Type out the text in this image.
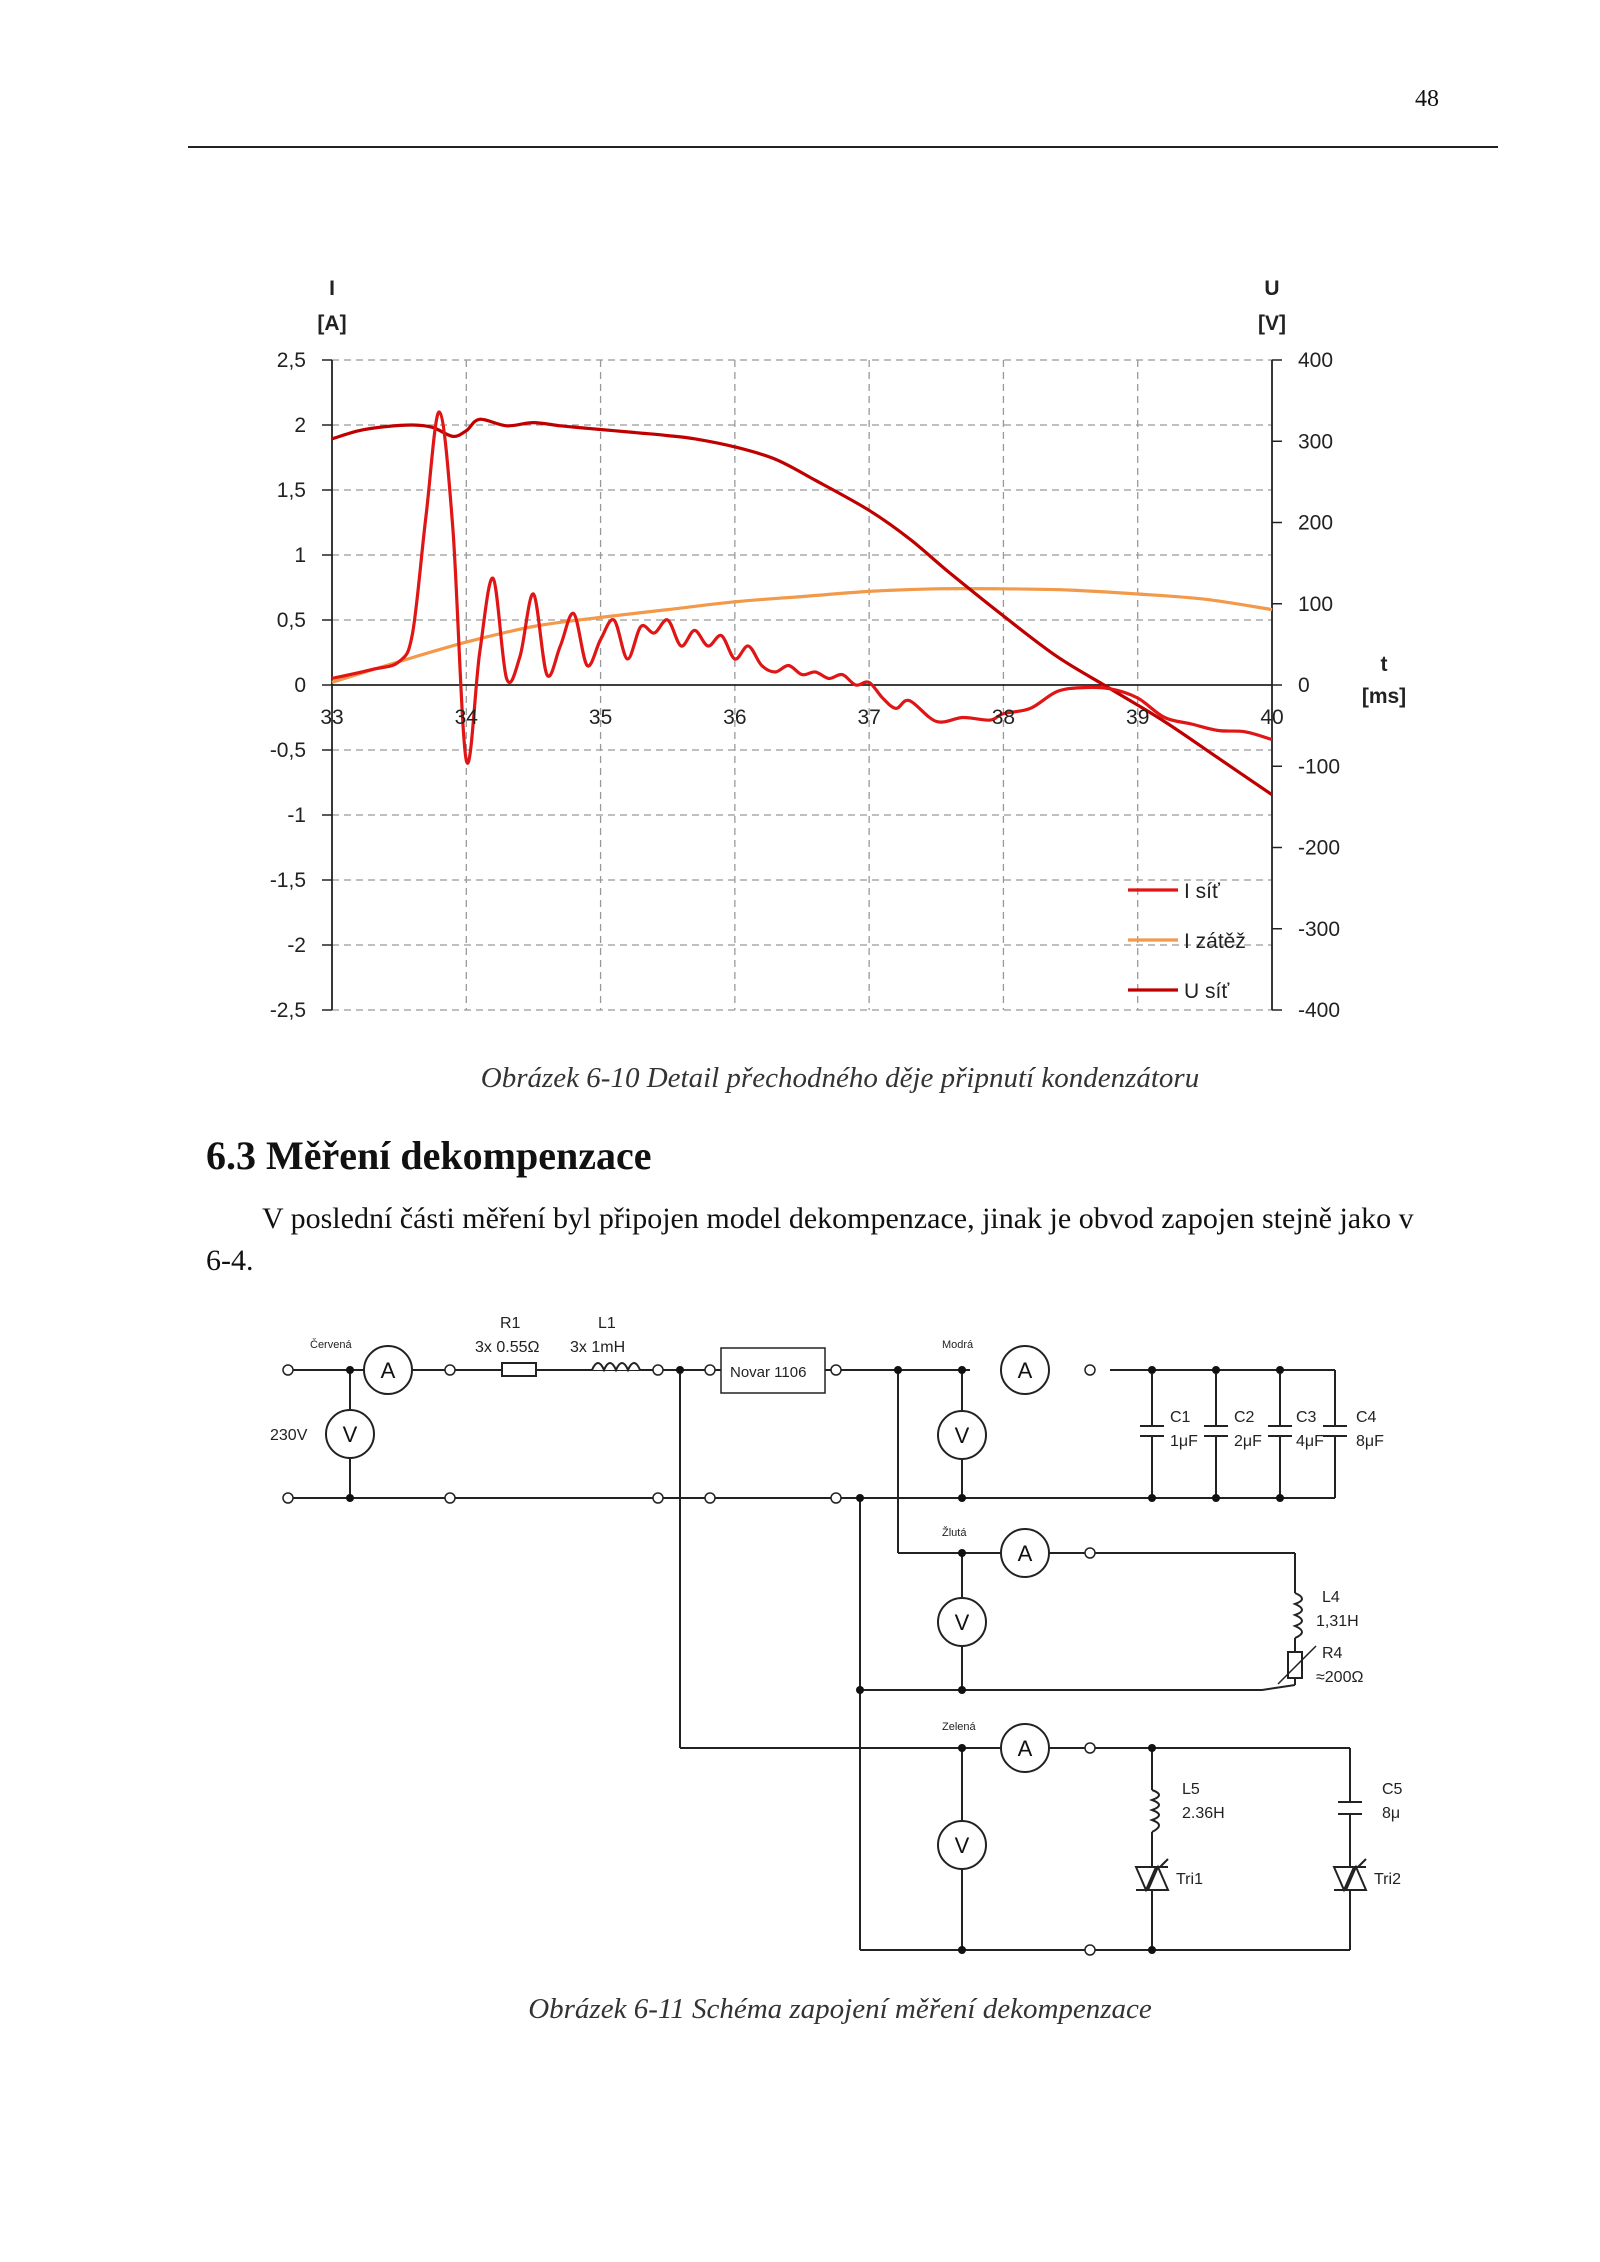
48
2,5
2
1,5
1
0,5
0
-0,5
-1
-1,5
-2
-2,5
33	34	35	36	37	38	39	40
400
300
200
100
0
-100
-200
-300
-400
I
[A]
U
[V]
t
[ms]
I síť
I zátěž
U síť
Obrázek 6-10 Detail přechodného děje připnutí kondenzátoru
6.3 Měření dekompenzace

V poslední části měření byl připojen model dekompenzace, jinak je obvod zapojen stejně jako v 6-4.

A
V
A
V
A
V
A
V
Červená
230V
R1
3x 0.55Ω
L1
3x 1mH
Novar 1106
Modrá
C1
1μF
C2
2μF
C3
4μF
C4
8μF
Žlutá
L4
1,31H
R4
≈200Ω
Zelená
L5
2.36H
C5
8μ
Tri1	Tri2
Obrázek 6-11 Schéma zapojení měření dekompenzace
